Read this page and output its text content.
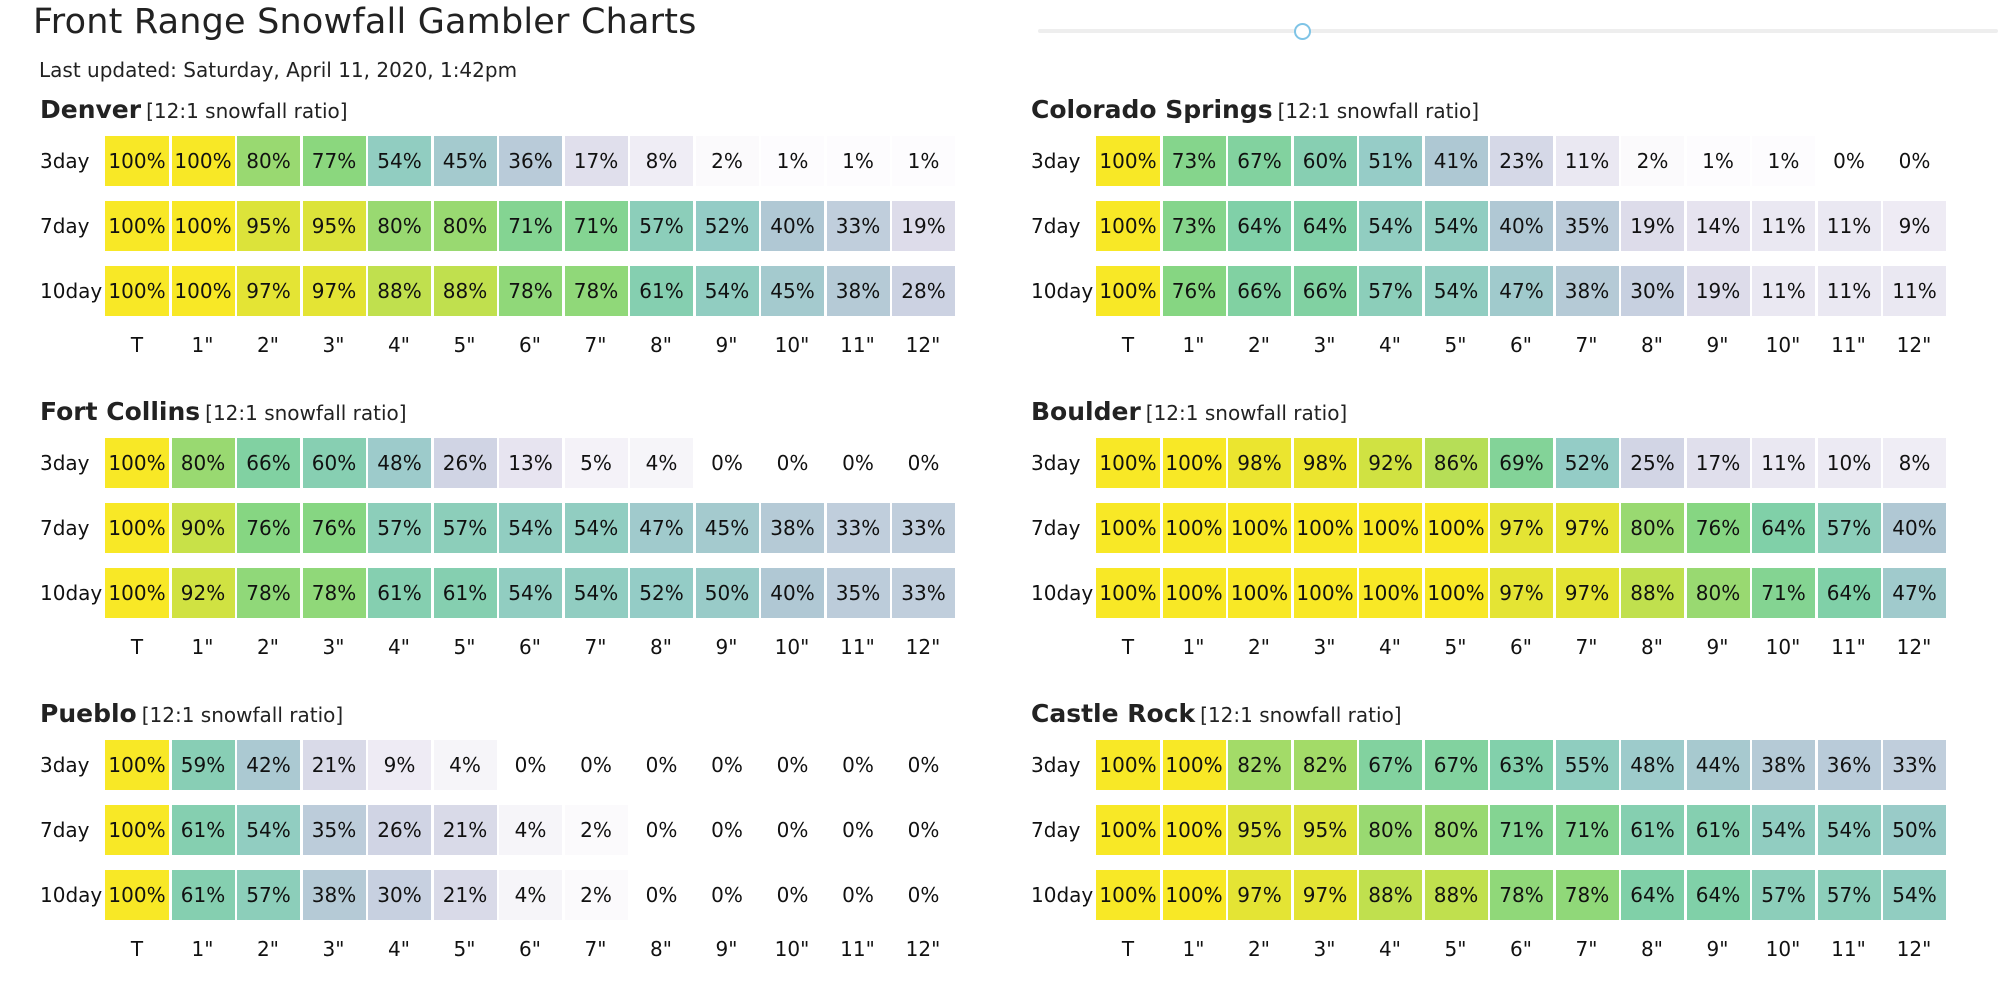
Front Range Snowfall Gambler Charts
Last updated: Saturday, April 11, 2020, 1:42pm
Denver [12:1 snowfall ratio]
3day 100% 100% 80%	77%	54%	45%	36%	17%	8%	2%	1%	1%	1%
7day 100% 100% 95%	95%	80%	80%	71%	71%	57%	52%	40%	33%	19%
10day 100% 100% 97%	97%	88%	88%	78%	78%	61%	54%	45%	38%	28%
T	1"	2"	3"	4"	5"	6"	7"	8"	9"	10"	11"	12"
Colorado Springs [12:1 snowfall ratio]
3day 100% 73%	67%	60%	51%	41%	23%	11%	2%	1%	1%	0%	0%
7day 100% 73%	64%	64%	54%	54%	40%	35%	19%	14%	11%	11%	9%
10day 100% 76%	66%	66%	57%	54%	47%	38%	30%	19%	11%	11%	11%
T	1"	2"	3"	4"	5"	6"	7"	8"	9"	10"	11"	12"
Fort Collins [12:1 snowfall ratio]
3day 100% 80%	66%	60%	48%	26%	13%	5%	4%	0%	0%	0%	0%
7day 100% 90%	76%	76%	57%	57%	54%	54%	47%	45%	38%	33%	33%
10day 100% 92%	78%	78%	61%	61%	54%	54%	52%	50%	40%	35%	33%
T	1"	2"	3"	4"	5"	6"	7"	8"	9"	10"	11"	12"
Boulder [12:1 snowfall ratio]
3day 100% 100% 98%	98%	92%	86%	69%	52%	25%	17%	11%	10%	8%
7day 100% 100% 100% 100% 100% 100% 97%	97%	80%	76%	64%	57%	40%
10day 100% 100% 100% 100% 100% 100% 97%	97%	88%	80%	71%	64%	47%
T	1"	2"	3"	4"	5"	6"	7"	8"	9"	10"	11"	12"
Pueblo [12:1 snowfall ratio]
3day 100% 59%	42%	21%	9%	4%	0%	0%	0%	0%	0%	0%	0%
7day 100% 61%	54%	35%	26%	21%	4%	2%	0%	0%	0%	0%	0%
10day 100% 61%	57%	38%	30%	21%	4%	2%	0%	0%	0%	0%	0%
T	1"	2"	3"	4"	5"	6"	7"	8"	9"	10"	11"	12"
Castle Rock [12:1 snowfall ratio]
3day 100% 100% 82%	82%	67%	67%	63%	55%	48%	44%	38%	36%	33%
7day 100% 100% 95%	95%	80%	80%	71%	71%	61%	61%	54%	54%	50%
10day 100% 100% 97%	97%	88%	88%	78%	78%	64%	64%	57%	57%	54%
T	1"	2"	3"	4"	5"	6"	7"	8"	9"	10"	11"	12"
